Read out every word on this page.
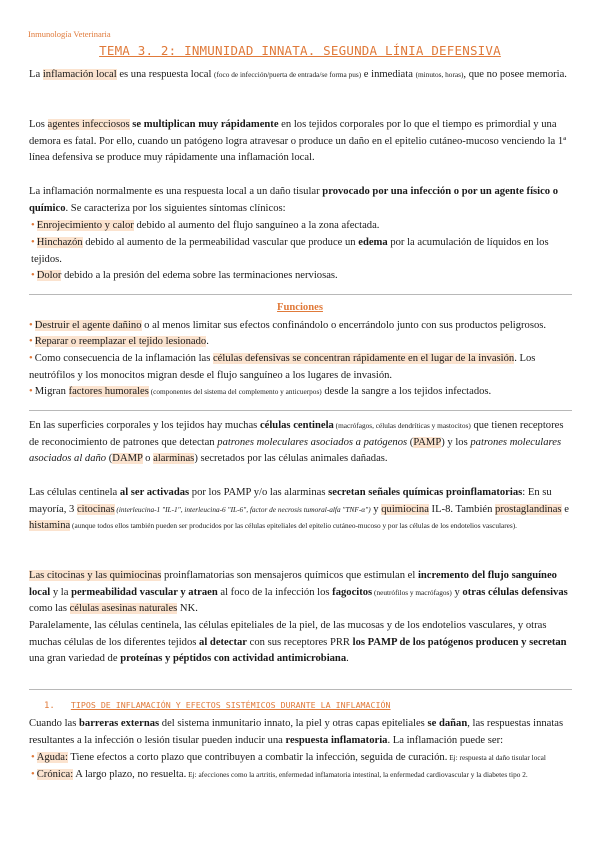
Inmunología Veterinaria
TEMA 3. 2: INMUNIDAD INNATA. SEGUNDA LÍNIA DEFENSIVA
La inflamación local es una respuesta local (foco de infección/puerta de entrada/se forma pus) e inmediata (minutos, horas), que no posee memoria.
Los agentes infecciosos se multiplican muy rápidamente en los tejidos corporales por lo que el tiempo es primordial y una demora es fatal. Por ello, cuando un patógeno logra atravesar o produce un daño en el epitelio cutáneo-mucoso venciendo la 1ª línea defensiva se produce muy rápidamente una inflamación local.
La inflamación normalmente es una respuesta local a un daño tisular provocado por una infección o por un agente físico o químico. Se caracteriza por los siguientes síntomas clínicos:
• Enrojecimiento y calor debido al aumento del flujo sanguíneo a la zona afectada.
• Hinchazón debido al aumento de la permeabilidad vascular que produce un edema por la acumulación de líquidos en los tejidos.
• Dolor debido a la presión del edema sobre las terminaciones nerviosas.
Funciones
• Destruir el agente dañino o al menos limitar sus efectos confinándolo o encerrándolo junto con sus productos peligrosos.
• Reparar o reemplazar el tejido lesionado.
• Como consecuencia de la inflamación las células defensivas se concentran rápidamente en el lugar de la invasión. Los neutrófilos y los monocitos migran desde el flujo sanguíneo a los lugares de invasión.
• Migran factores humorales (componentes del sistema del complemento y anticuerpos) desde la sangre a los tejidos infectados.
En las superficies corporales y los tejidos hay muchas células centinela (macrófagos, células dendríticas y mastocitos) que tienen receptores de reconocimiento de patrones que detectan patrones moleculares asociados a patógenos (PAMP) y los patrones moleculares asociados al daño (DAMP o alarminas) secretados por las células animales dañadas.
Las células centinela al ser activadas por los PAMP y/o las alarminas secretan señales químicas proinflamatorias: En su mayoría, 3 citocinas (interleucina-1 "IL-1", interleucina-6 "IL-6", factor de necrosis tumoral-alfa "TNF-α") y quimiocina IL-8. También prostaglandinas e histamina (aunque todos ellos también pueden ser producidos por las células epiteliales del epitelio cutáneo-mucoso y por las células de los endotelios vasculares).
Las citocinas y las quimiocinas proinflamatorias son mensajeros químicos que estimulan el incremento del flujo sanguíneo local y la permeabilidad vascular y atraen al foco de la infección los fagocitos (neutrófilos y macrófagos) y otras células defensivas como las células asesinas naturales NK.
Paralelamente, las células centinela, las células epiteliales de la piel, de las mucosas y de los endotelios vasculares, y otras muchas células de los diferentes tejidos al detectar con sus receptores PRR los PAMP de los patógenos producen y secretan una gran variedad de proteínas y péptidos con actividad antimicrobiana.
1. TIPOS DE INFLAMACIÓN Y EFECTOS SISTÉMICOS DURANTE LA INFLAMACIÓN
Cuando las barreras externas del sistema inmunitario innato, la piel y otras capas epiteliales se dañan, las respuestas innatas resultantes a la infección o lesión tisular pueden inducir una respuesta inflamatoria. La inflamación puede ser:
• Aguda: Tiene efectos a corto plazo que contribuyen a combatir la infección, seguida de curación. Ej: respuesta al daño tisular local
• Crónica: A largo plazo, no resuelta. Ej: afecciones como la artritis, enfermedad inflamatoria intestinal, la enfermedad cardiovascular y la diabetes tipo 2.
